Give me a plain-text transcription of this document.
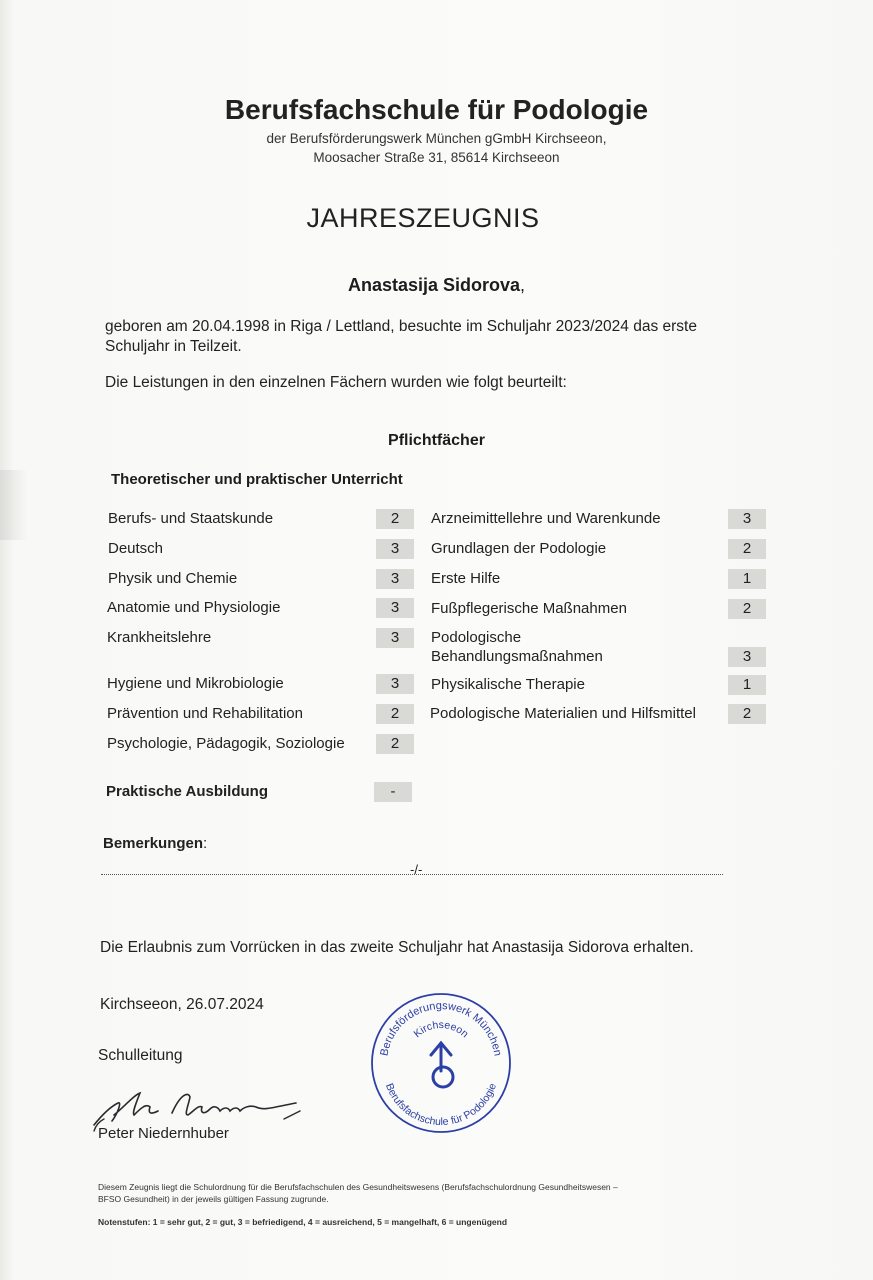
Berufsfachschule für Podologie
der Berufsförderungswerk München gGmbH Kirchseeon,
Moosacher Straße 31, 85614 Kirchseeon
JAHRESZEUGNIS
Anastasija Sidorova,
geboren am 20.04.1998 in Riga / Lettland, besuchte im Schuljahr 2023/2024 das erste
Schuljahr in Teilzeit.
Die Leistungen in den einzelnen Fächern wurden wie folgt beurteilt:
Pflichtfächer
Theoretischer und praktischer Unterricht
Berufs- und Staatskunde	2
Deutsch	3
Physik und Chemie	3
Anatomie und Physiologie	3
Krankheitslehre	3
Hygiene und Mikrobiologie	3
Prävention und Rehabilitation	2
Psychologie, Pädagogik, Soziologie	2
Arzneimittellehre und Warenkunde	3
Grundlagen der Podologie	2
Erste Hilfe	1
Fußpflegerische Maßnahmen	2
Podologische
Behandlungsmaßnahmen	3
Physikalische Therapie	1
Podologische Materialien und Hilfsmittel	2
Praktische Ausbildung	-
Bemerkungen:
-/-
Die Erlaubnis zum Vorrücken in das zweite Schuljahr hat Anastasija Sidorova erhalten.
Kirchseeon, 26.07.2024
Schulleitung
Peter Niedernhuber
Berufsförderungswerk München
Kirchseeon
Berufsfachschule für Podologie
Diesem Zeugnis liegt die Schulordnung für die Berufsfachschulen des Gesundheitswesens (Berufsfachschulordnung Gesundheitswesen –
BFSO Gesundheit) in der jeweils gültigen Fassung zugrunde.
Notenstufen: 1 = sehr gut, 2 = gut, 3 = befriedigend, 4 = ausreichend, 5 = mangelhaft, 6 = ungenügend
